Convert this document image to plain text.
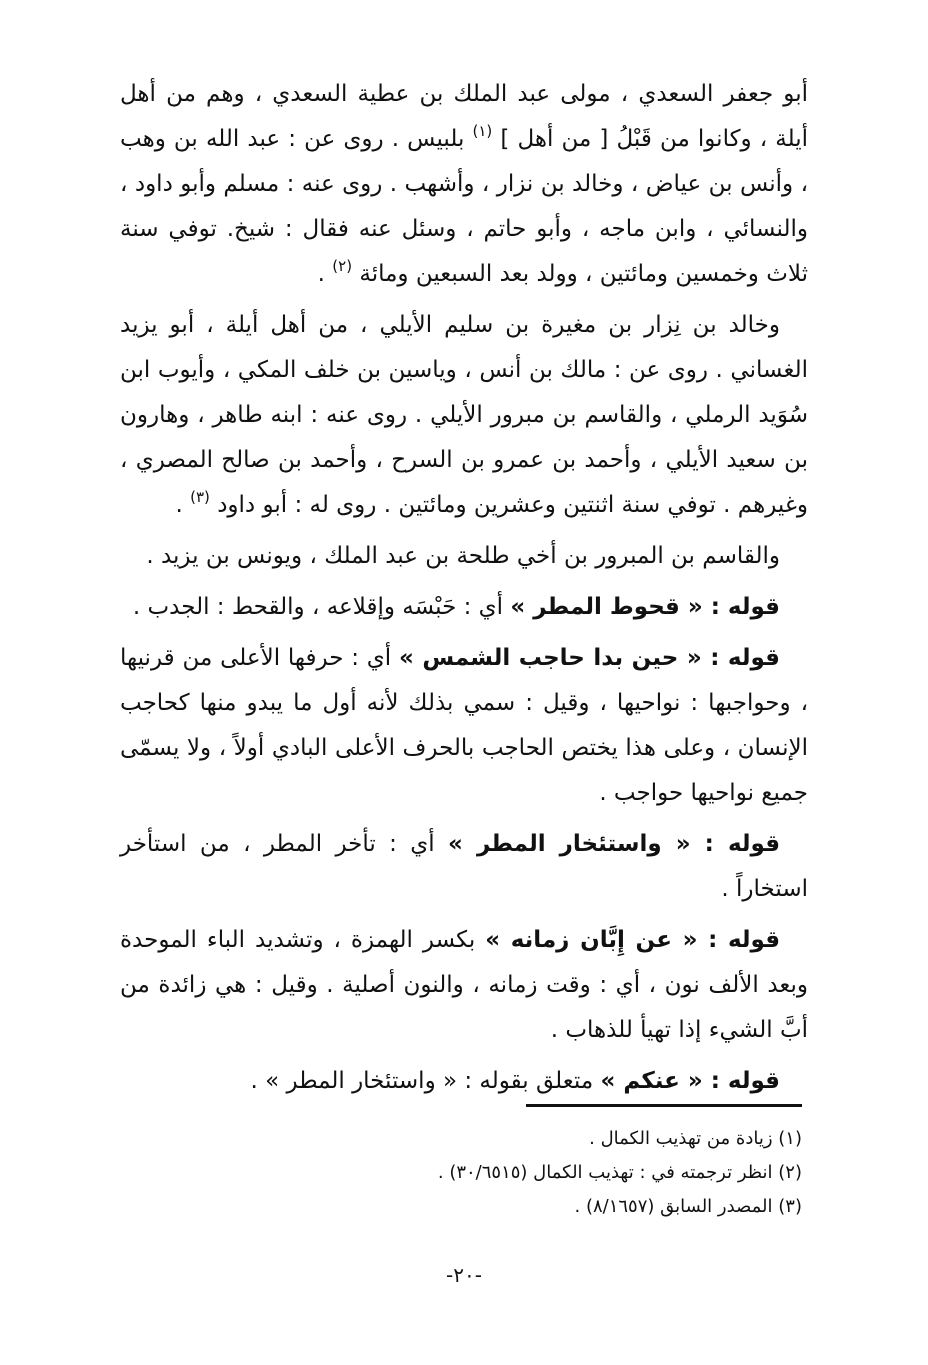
أبو جعفر السعدي ، مولى عبد الملك بن عطية السعدي ، وهم من أهل أيلة ، وكانوا من قَبْلُ [ من أهل ] $^{(١)}$ بلبيس . روى عن : عبد الله بن وهب ، وأنس بن عياض ، وخالد بن نزار ، وأشهب . روى عنه : مسلم وأبو داود ، والنسائي ، وابن ماجه ، وأبو حاتم ، وسئل عنه فقال : شيخ. توفي سنة ثلاث وخمسين ومائتين ، وولد بعد السبعين ومائة $^{(٢)}$ .

وخالد بن نِزار بن مغيرة بن سليم الأيلي ، من أهل أيلة ، أبو يزيد الغساني . روى عن : مالك بن أنس ، وياسين بن خلف المكي ، وأيوب ابن سُوَيد الرملي ، والقاسم بن مبرور الأيلي . روى عنه : ابنه طاهر ، وهارون بن سعيد الأيلي ، وأحمد بن عمرو بن السرح ، وأحمد بن صالح المصري ، وغيرهم . توفي سنة اثنتين وعشرين ومائتين . روى له : أبو داود $^{(٣)}$ .

والقاسم بن المبرور بن أخي طلحة بن عبد الملك ، ويونس بن يزيد .

قوله : « قحوط المطر » أي : حَبْسَه وإقلاعه ، والقحط : الجدب .

قوله : « حين بدا حاجب الشمس » أي : حرفها الأعلى من قرنيها ، وحواجبها : نواحيها ، وقيل : سمي بذلك لأنه أول ما يبدو منها كحاجب الإنسان ، وعلى هذا يختص الحاجب بالحرف الأعلى البادي أولاً ، ولا يسمّى جميع نواحيها حواجب .

قوله : « واستئخار المطر » أي : تأخر المطر ، من استأخر استخاراً .

قوله : « عن إِبَّان زمانه » بكسر الهمزة ، وتشديد الباء الموحدة وبعد الألف نون ، أي : وقت زمانه ، والنون أصلية . وقيل : هي زائدة من أبَّ الشيء إذا تهيأ للذهاب .

قوله : « عنكم » متعلق بقوله : « واستئخار المطر » .

(١) زيادة من تهذيب الكمال .

(٢) انظر ترجمته في : تهذيب الكمال (٣٠/٦٥١٥) .

(٣) المصدر السابق (٨/١٦٥٧) .

-٢٠-
